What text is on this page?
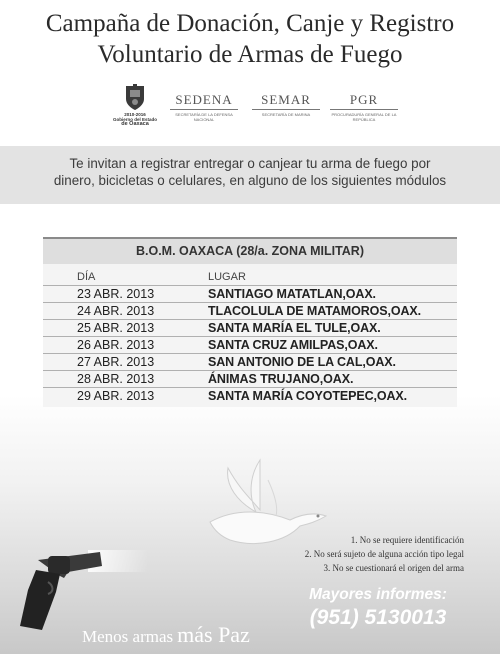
Campaña de Donación, Canje y Registro
Voluntario de Armas de Fuego
2010-2016
Gobierno del Estado
de Oaxaca
SEDENA
SECRETARÍA DE LA DEFENSA NACIONAL
SEMAR
SECRETARÍA DE MARINA
PGR
PROCURADURÍA GENERAL DE LA REPÚBLICA
Te invitan a registrar entregar o canjear tu arma de fuego por
dinero, bicicletas o celulares, en alguno de los siguientes módulos
B.O.M. OAXACA (28/a. ZONA MILITAR)
DÍA	LUGAR
23 ABR. 2013	SANTIAGO MATATLAN,OAX.
24 ABR. 2013	TLACOLULA DE MATAMOROS,OAX.
25 ABR. 2013	SANTA MARÍA EL TULE,OAX.
26 ABR. 2013	SANTA CRUZ AMILPAS,OAX.
27 ABR. 2013	SAN ANTONIO DE LA CAL,OAX.
28 ABR. 2013	ÁNIMAS TRUJANO,OAX.
29 ABR. 2013	SANTA MARÍA COYOTEPEC,OAX.
1. No se requiere identificación
2. No será sujeto de alguna acción tipo legal
3. No se cuestionará el origen del arma
Mayores informes:
(951) 5130013
Menos armas más Paz
